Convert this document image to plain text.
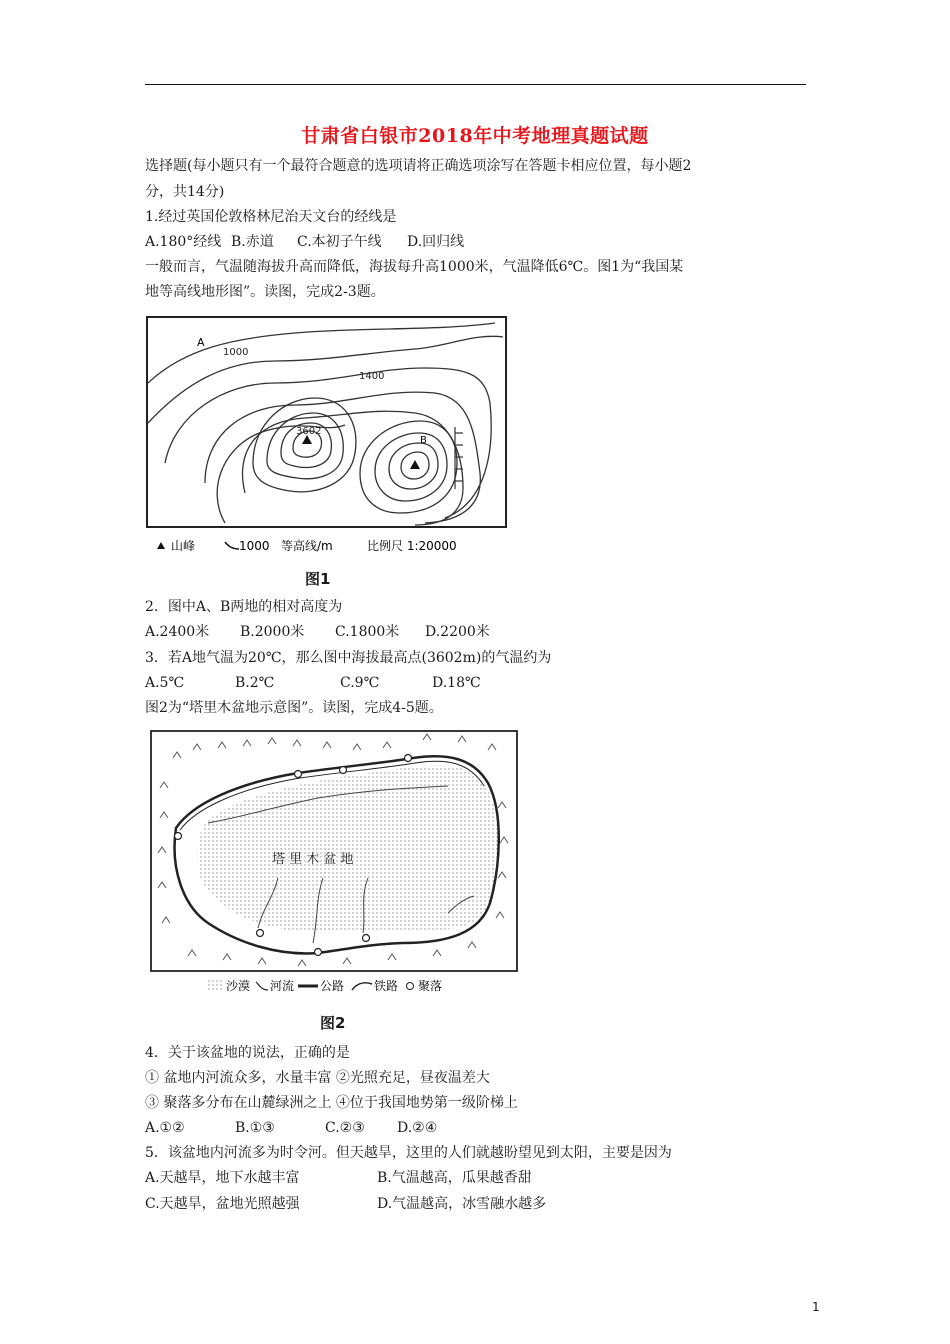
甘肃省白银市2018年中考地理真题试题
选择题(每小题只有一个最符合题意的选项请将正确选项涂写在答题卡相应位置，每小题2
分，共14分)
1.经过英国伦敦格林尼治天文台的经线是
A.180°经线 B.赤道 C.本初子午线 D.回归线
一般而言，气温随海拔升高而降低，海拔每升高1000米，气温降低6℃。图1为“我国某
地等高线地形图”。读图，完成2-3题。
A
1000
1400
3602
B
山峰	1000 等高线/m	比例尺 1:20000
图1
2．图中A、B两地的相对高度为
A.2400米 B.2000米 C.1800米 D.2200米
3．若A地气温为20℃，那么图中海拔最高点(3602m)的气温约为
A.5℃	B.2℃	C.9℃	D.18℃
图2为“塔里木盆地示意图”。读图，完成4-5题。
塔 里 木 盆 地
沙漠 河流 公路 铁路 聚落
图2
4．关于该盆地的说法，正确的是
① 盆地内河流众多，水量丰富 ②光照充足，昼夜温差大
③ 聚落多分布在山麓绿洲之上 ④位于我国地势第一级阶梯上
A.①②	B.①③	C.②③ D.②④
5．该盆地内河流多为时令河。但天越旱，这里的人们就越盼望见到太阳，主要是因为
A.天越旱，地下水越丰富	B.气温越高，瓜果越香甜
C.天越旱，盆地光照越强	D.气温越高，冰雪融水越多
1
